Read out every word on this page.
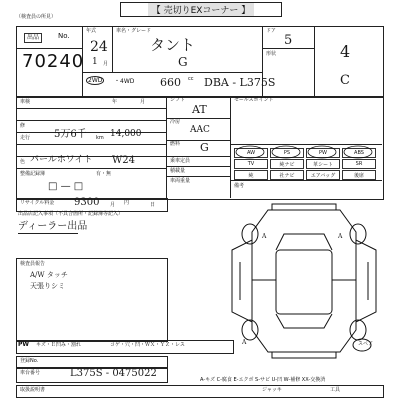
【 売切りEXコーナー 】
（検査員の所見）
出品	No.
70240
年式
24
1 月
車名・グレード
タント
G
ドア
5
形状	4
C
2WD	・4WD 660 cc DBA - L375S
車検	年	月
修
走行 5万6千 km 14,000
色 パールホワイト W24
整備記録簿	有・無
□ — □
シフト
AT
冷房
AAC
燃料 G
乗車定員
積載量
車両重量
セールスポイント
備考
AW	PS	PW	ABS
TV	純ナビ	革シート	SR
純	社ナビ	エアバッグ	後席
リサイクル料金 9300	円
出品店記入事項（不具合箇所・記録簿等記入）
月	日
ディーラー出品
検査員報告
A/W タッチ
天張りシミ
A	A
A	スペア
キズ・Ｅ凹み・割れ	コゲ・穴・凹・ＷＸ・ＹＺ・レス
PW
登録No.
車台番号	L375S - 0475022
A-キズ C-腐食 E-エクボ S-サビ U-凹 W-補修 XX-交換済
取扱説明書	ジャッキ	工具
